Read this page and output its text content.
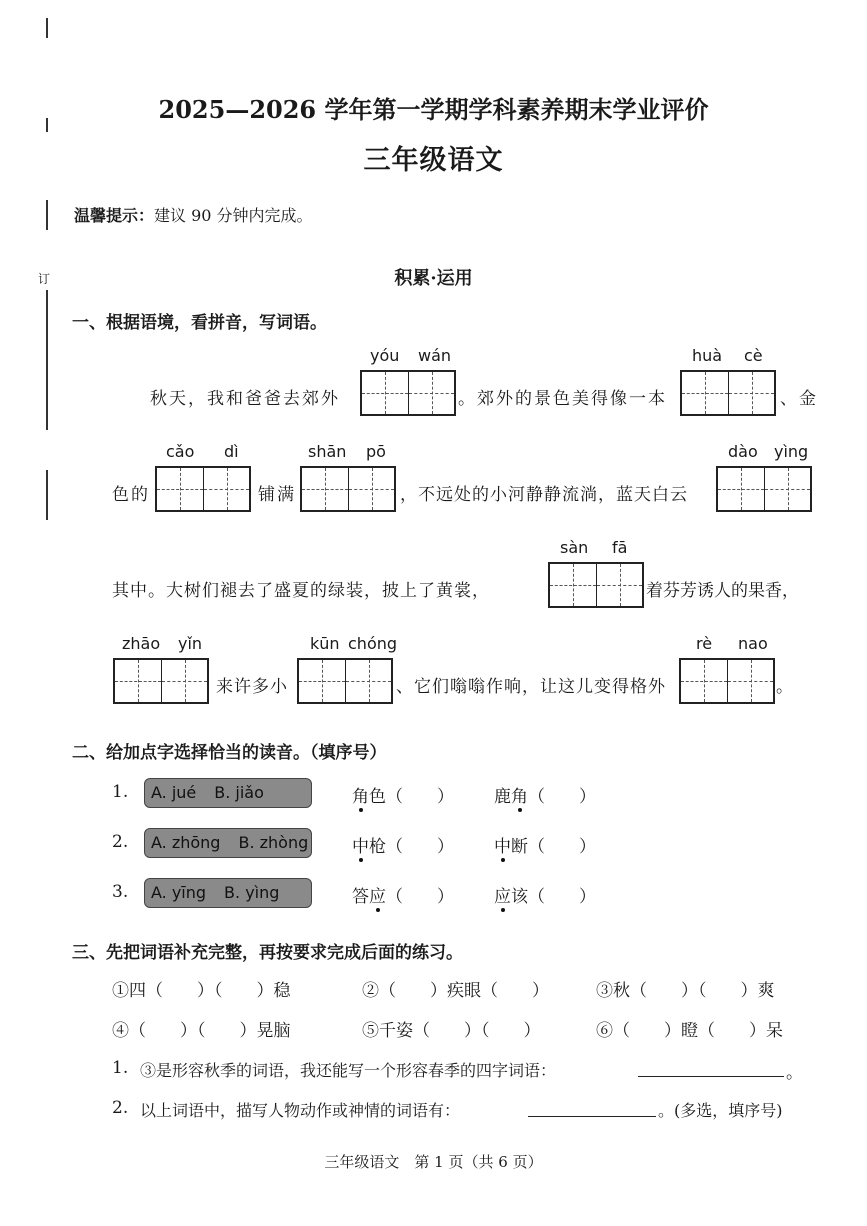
订
2025—2026 学年第一学期学科素养期末学业评价
三年级语文
温馨提示：建议 90 分钟内完成。
积累·运用
一、根据语境，看拼音，写词语。
秋天，我和爸爸去郊外
yóu wán
。郊外的景色美得像一本
huà cè
、金
色的
cǎo dì
铺满
shān pō
，不远处的小河静静流淌，蓝天白云
dào yìng
其中。大树们褪去了盛夏的绿装，披上了黄裳，
sàn fā
着芬芳诱人的果香，
zhāo yǐn
来许多小
kūn chóng
、它们嗡嗡作响，让这儿变得格外
rè nao
。
二、给加点字选择恰当的读音。（填序号）
1.	A. jué B. jiǎo	角色（　　） 鹿角（　　）
2.	A. zhōng B. zhòng	中枪（　　） 中断（　　）
3.	A. yīng B. yìng	答应（　　） 应该（　　）
三、先把词语补充完整，再按要求完成后面的练习。
①四（　　）（　　）稳	②（　　）疾眼（　　）	③秋（　　）（　　）爽
④（　　）（　　）晃脑	⑤千姿（　　）（　　）	⑥（　　）瞪（　　）呆
1. ③是形容秋季的词语，我还能写一个形容春季的四字词语：	。
2. 以上词语中，描写人物动作或神情的词语有：	。(多选，填序号)
三年级语文　第 1 页（共 6 页）
